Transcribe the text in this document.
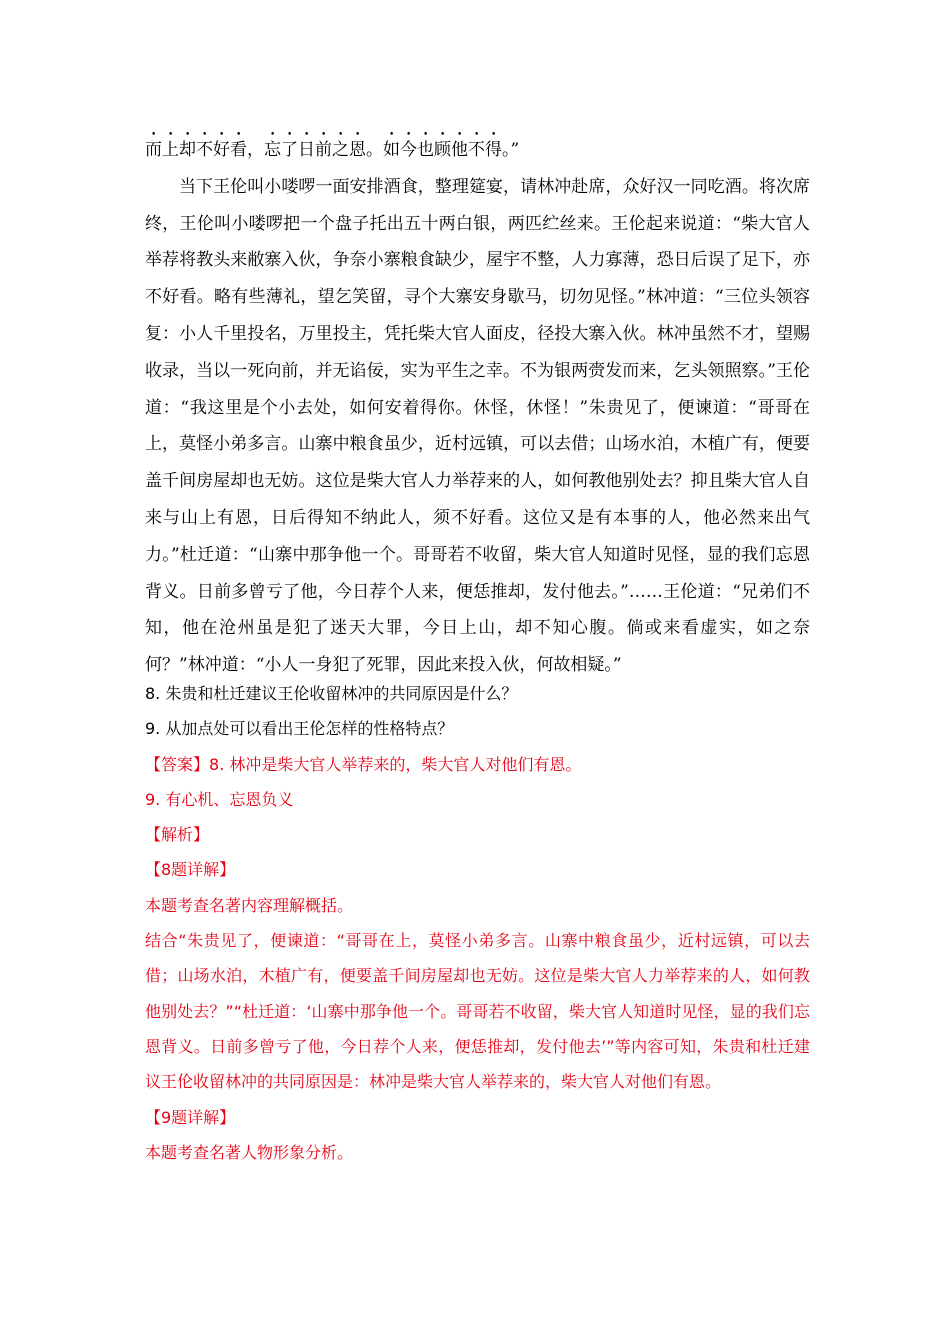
而上却不好看，忘了日前之恩。如今也顾他不得。”

当下王伦叫小喽啰一面安排酒食，整理筵宴，请林冲赴席，众好汉一同吃酒。将次席终，王伦叫小喽啰把一个盘子托出五十两白银，两匹纻丝来。王伦起来说道：“柴大官人举荐将教头来敝寨入伙，争奈小寨粮食缺少，屋宇不整，人力寡薄，恐日后误了足下，亦不好看。略有些薄礼，望乞笑留，寻个大寨安身歇马，切勿见怪。”林冲道：“三位头领容复：小人千里投名，万里投主，凭托柴大官人面皮，径投大寨入伙。林冲虽然不才，望赐收录，当以一死向前，并无谄佞，实为平生之幸。不为银两赍发而来，乞头领照察。”王伦道：“我这里是个小去处，如何安着得你。休怪，休怪！”朱贵见了，便谏道：“哥哥在上，莫怪小弟多言。山寨中粮食虽少，近村远镇，可以去借；山场水泊，木植广有，便要盖千间房屋却也无妨。这位是柴大官人力举荐来的人，如何教他别处去？抑且柴大官人自来与山上有恩，日后得知不纳此人，须不好看。这位又是有本事的人，他必然来出气力。”杜迁道：“山寨中那争他一个。哥哥若不收留，柴大官人知道时见怪，显的我们忘恩背义。日前多曾亏了他，今日荐个人来，便恁推却，发付他去。”……王伦道：“兄弟们不知，他在沧州虽是犯了迷天大罪，今日上山，却不知心腹。倘或来看虚实，如之奈何？”林冲道：“小人一身犯了死罪，因此来投入伙，何故相疑。”

8. 朱贵和杜迁建议王伦收留林冲的共同原因是什么？

9. 从加点处可以看出王伦怎样的性格特点？

【答案】8. 林冲是柴大官人举荐来的，柴大官人对他们有恩。

9. 有心机、忘恩负义

【解析】

【8题详解】

本题考查名著内容理解概括。

结合“朱贵见了，便谏道：“哥哥在上，莫怪小弟多言。山寨中粮食虽少，近村远镇，可以去借；山场水泊，木植广有，便要盖千间房屋却也无妨。这位是柴大官人力举荐来的人，如何教他别处去？”“杜迁道：‘山寨中那争他一个。哥哥若不收留，柴大官人知道时见怪，显的我们忘恩背义。日前多曾亏了他，今日荐个人来，便恁推却，发付他去’”等内容可知，朱贵和杜迁建议王伦收留林冲的共同原因是：林冲是柴大官人举荐来的，柴大官人对他们有恩。

【9题详解】

本题考查名著人物形象分析。
